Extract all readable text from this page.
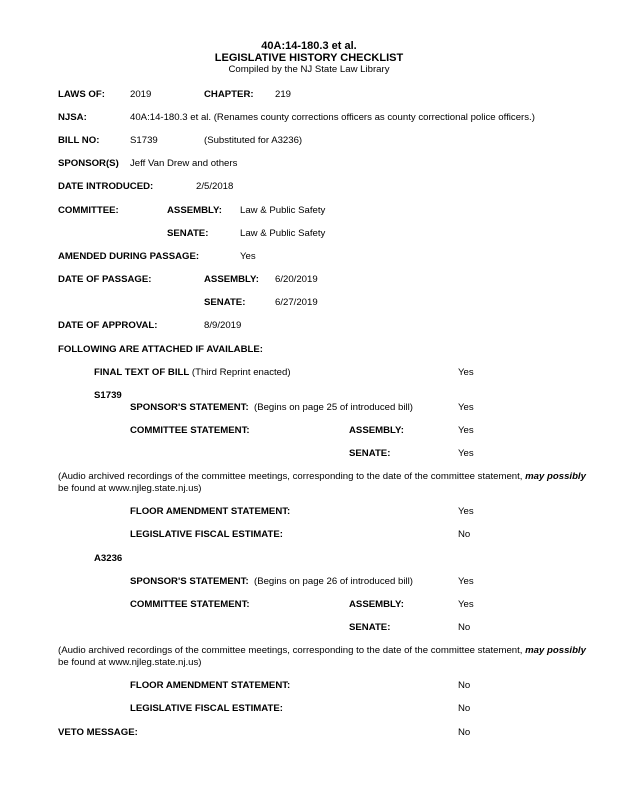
40A:14-180.3 et al.
LEGISLATIVE HISTORY CHECKLIST
Compiled by the NJ State Law Library
LAWS OF:	2019	CHAPTER: 219
NJSA:	40A:14-180.3 et al. (Renames county corrections officers as county correctional police officers.)
BILL NO:	S1739	(Substituted for A3236)
SPONSOR(S) Jeff Van Drew and others
DATE INTRODUCED:	2/5/2018
COMMITTEE:	ASSEMBLY: Law & Public Safety
SENATE:	Law & Public Safety
AMENDED DURING PASSAGE:	Yes
DATE OF PASSAGE:	ASSEMBLY: 6/20/2019
SENATE:	6/27/2019
DATE OF APPROVAL:	8/9/2019
FOLLOWING ARE ATTACHED IF AVAILABLE:
FINAL TEXT OF BILL (Third Reprint enacted)	Yes
S1739
SPONSOR'S STATEMENT: (Begins on page 25 of introduced bill)	Yes
COMMITTEE STATEMENT:	ASSEMBLY:	Yes
SENATE:	Yes
(Audio archived recordings of the committee meetings, corresponding to the date of the committee statement, may possibly
be found at www.njleg.state.nj.us)
FLOOR AMENDMENT STATEMENT:	Yes
LEGISLATIVE FISCAL ESTIMATE:	No
A3236
SPONSOR'S STATEMENT: (Begins on page 26 of introduced bill)	Yes
COMMITTEE STATEMENT:	ASSEMBLY:	Yes
SENATE:	No
(Audio archived recordings of the committee meetings, corresponding to the date of the committee statement, may possibly
be found at www.njleg.state.nj.us)
FLOOR AMENDMENT STATEMENT:	No
LEGISLATIVE FISCAL ESTIMATE:	No
VETO MESSAGE:	No
